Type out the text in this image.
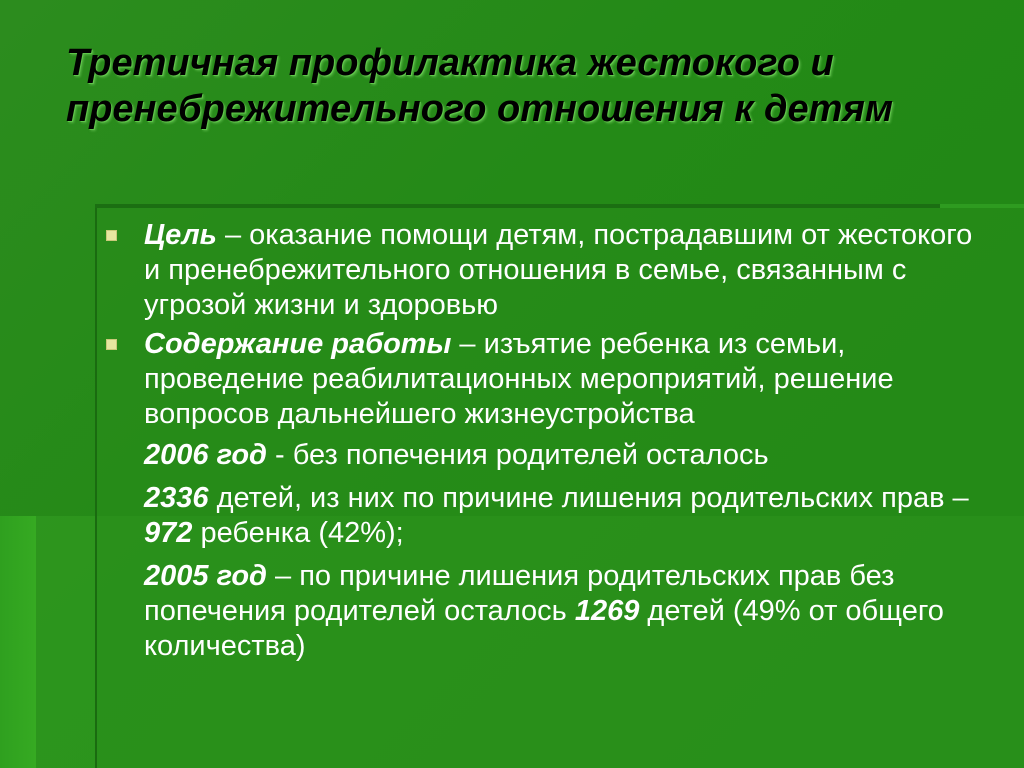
Третичная профилактика жестокого и пренебрежительного отношения к детям
Цель – оказание помощи детям, пострадавшим от жестокого и пренебрежительного отношения в семье, связанным с угрозой жизни и здоровью
Содержание работы – изъятие ребенка из семьи, проведение реабилитационных мероприятий, решение вопросов дальнейшего жизнеустройства
2006 год - без попечения родителей осталось
2336 детей, из них по причине лишения родительских прав – 972 ребенка (42%);
2005 год – по причине лишения родительских прав без попечения родителей осталось 1269 детей (49% от общего количества)
